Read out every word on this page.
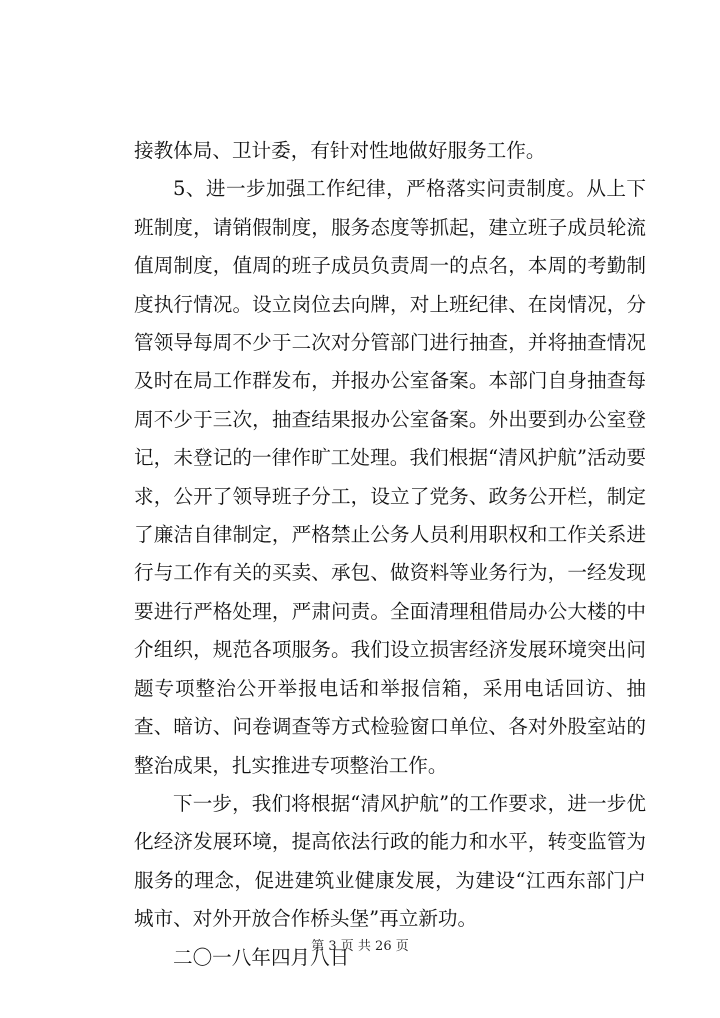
接教体局、卫计委，有针对性地做好服务工作。

5、进一步加强工作纪律，严格落实问责制度。从上下班制度，请销假制度，服务态度等抓起，建立班子成员轮流值周制度，值周的班子成员负责周一的点名，本周的考勤制度执行情况。设立岗位去向牌，对上班纪律、在岗情况，分管领导每周不少于二次对分管部门进行抽查，并将抽查情况及时在局工作群发布，并报办公室备案。本部门自身抽查每周不少于三次，抽查结果报办公室备案。外出要到办公室登记，未登记的一律作旷工处理。我们根据“清风护航”活动要求，公开了领导班子分工，设立了党务、政务公开栏，制定了廉洁自律制定，严格禁止公务人员利用职权和工作关系进行与工作有关的买卖、承包、做资料等业务行为，一经发现要进行严格处理，严肃问责。全面清理租借局办公大楼的中介组织，规范各项服务。我们设立损害经济发展环境突出问题专项整治公开举报电话和举报信箱，采用电话回访、抽查、暗访、问卷调查等方式检验窗口单位、各对外股室站的整治成果，扎实推进专项整治工作。

下一步，我们将根据“清风护航”的工作要求，进一步优化经济发展环境，提高依法行政的能力和水平，转变监管为服务的理念，促进建筑业健康发展，为建设“江西东部门户城市、对外开放合作桥头堡”再立新功。

二〇一八年四月八日

第 3 页 共 26 页
